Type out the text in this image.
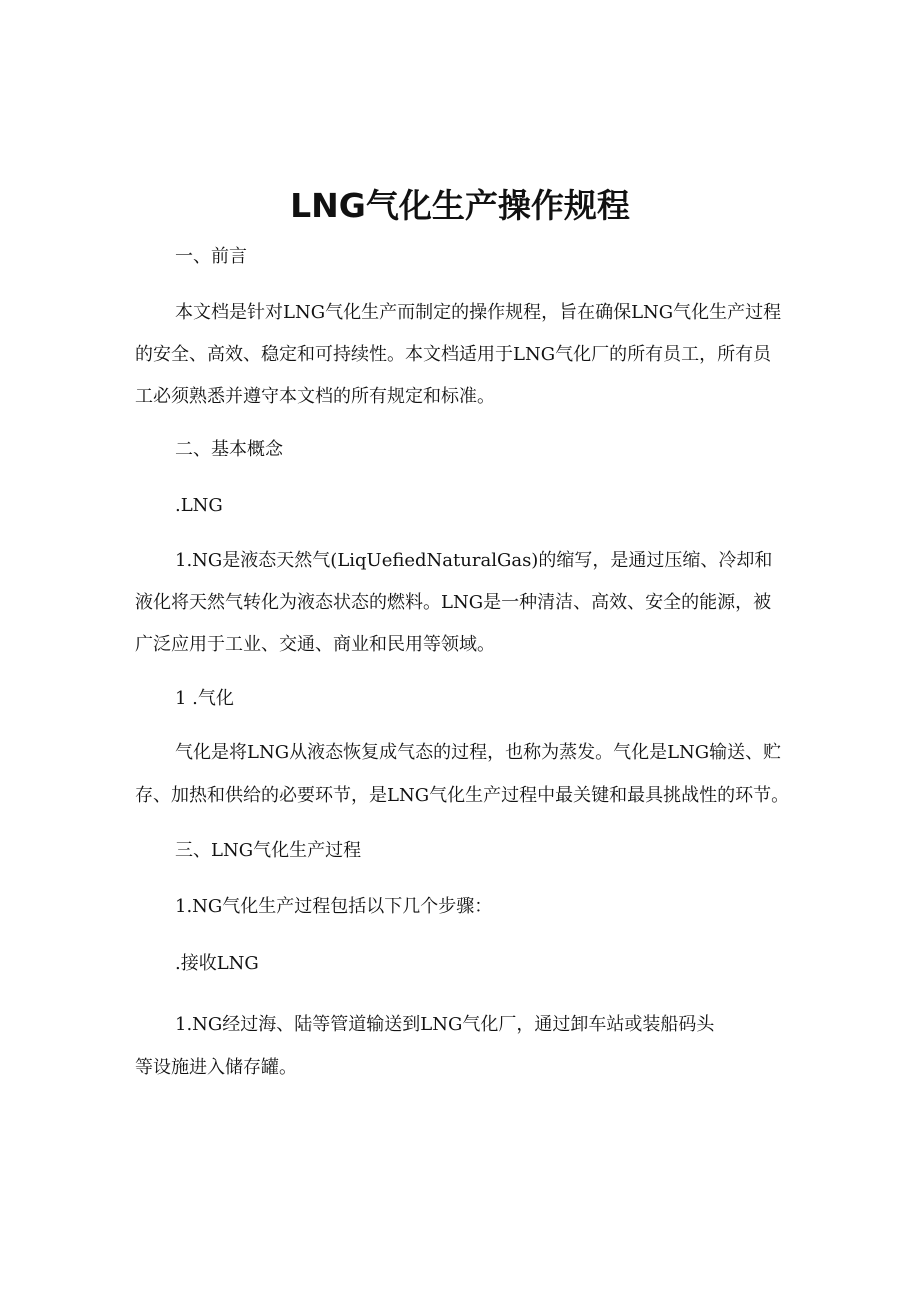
LNG气化生产操作规程

一、前言

本文档是针对LNG气化生产而制定的操作规程，旨在确保LNG气化生产过程

的安全、高效、稳定和可持续性。本文档适用于LNG气化厂的所有员工，所有员

工必须熟悉并遵守本文档的所有规定和标准。

二、基本概念

.LNG

1.NG是液态天然气(LiqUefiedNaturalGas)的缩写，是通过压缩、冷却和

液化将天然气转化为液态状态的燃料。LNG是一种清洁、高效、安全的能源，被

广泛应用于工业、交通、商业和民用等领域。

1 .气化

气化是将LNG从液态恢复成气态的过程，也称为蒸发。气化是LNG输送、贮

存、加热和供给的必要环节，是LNG气化生产过程中最关键和最具挑战性的环节。

三、LNG气化生产过程

1.NG气化生产过程包括以下几个步骤：

.接收LNG

1.NG经过海、陆等管道输送到LNG气化厂，通过卸车站或装船码头

等设施进入储存罐。
